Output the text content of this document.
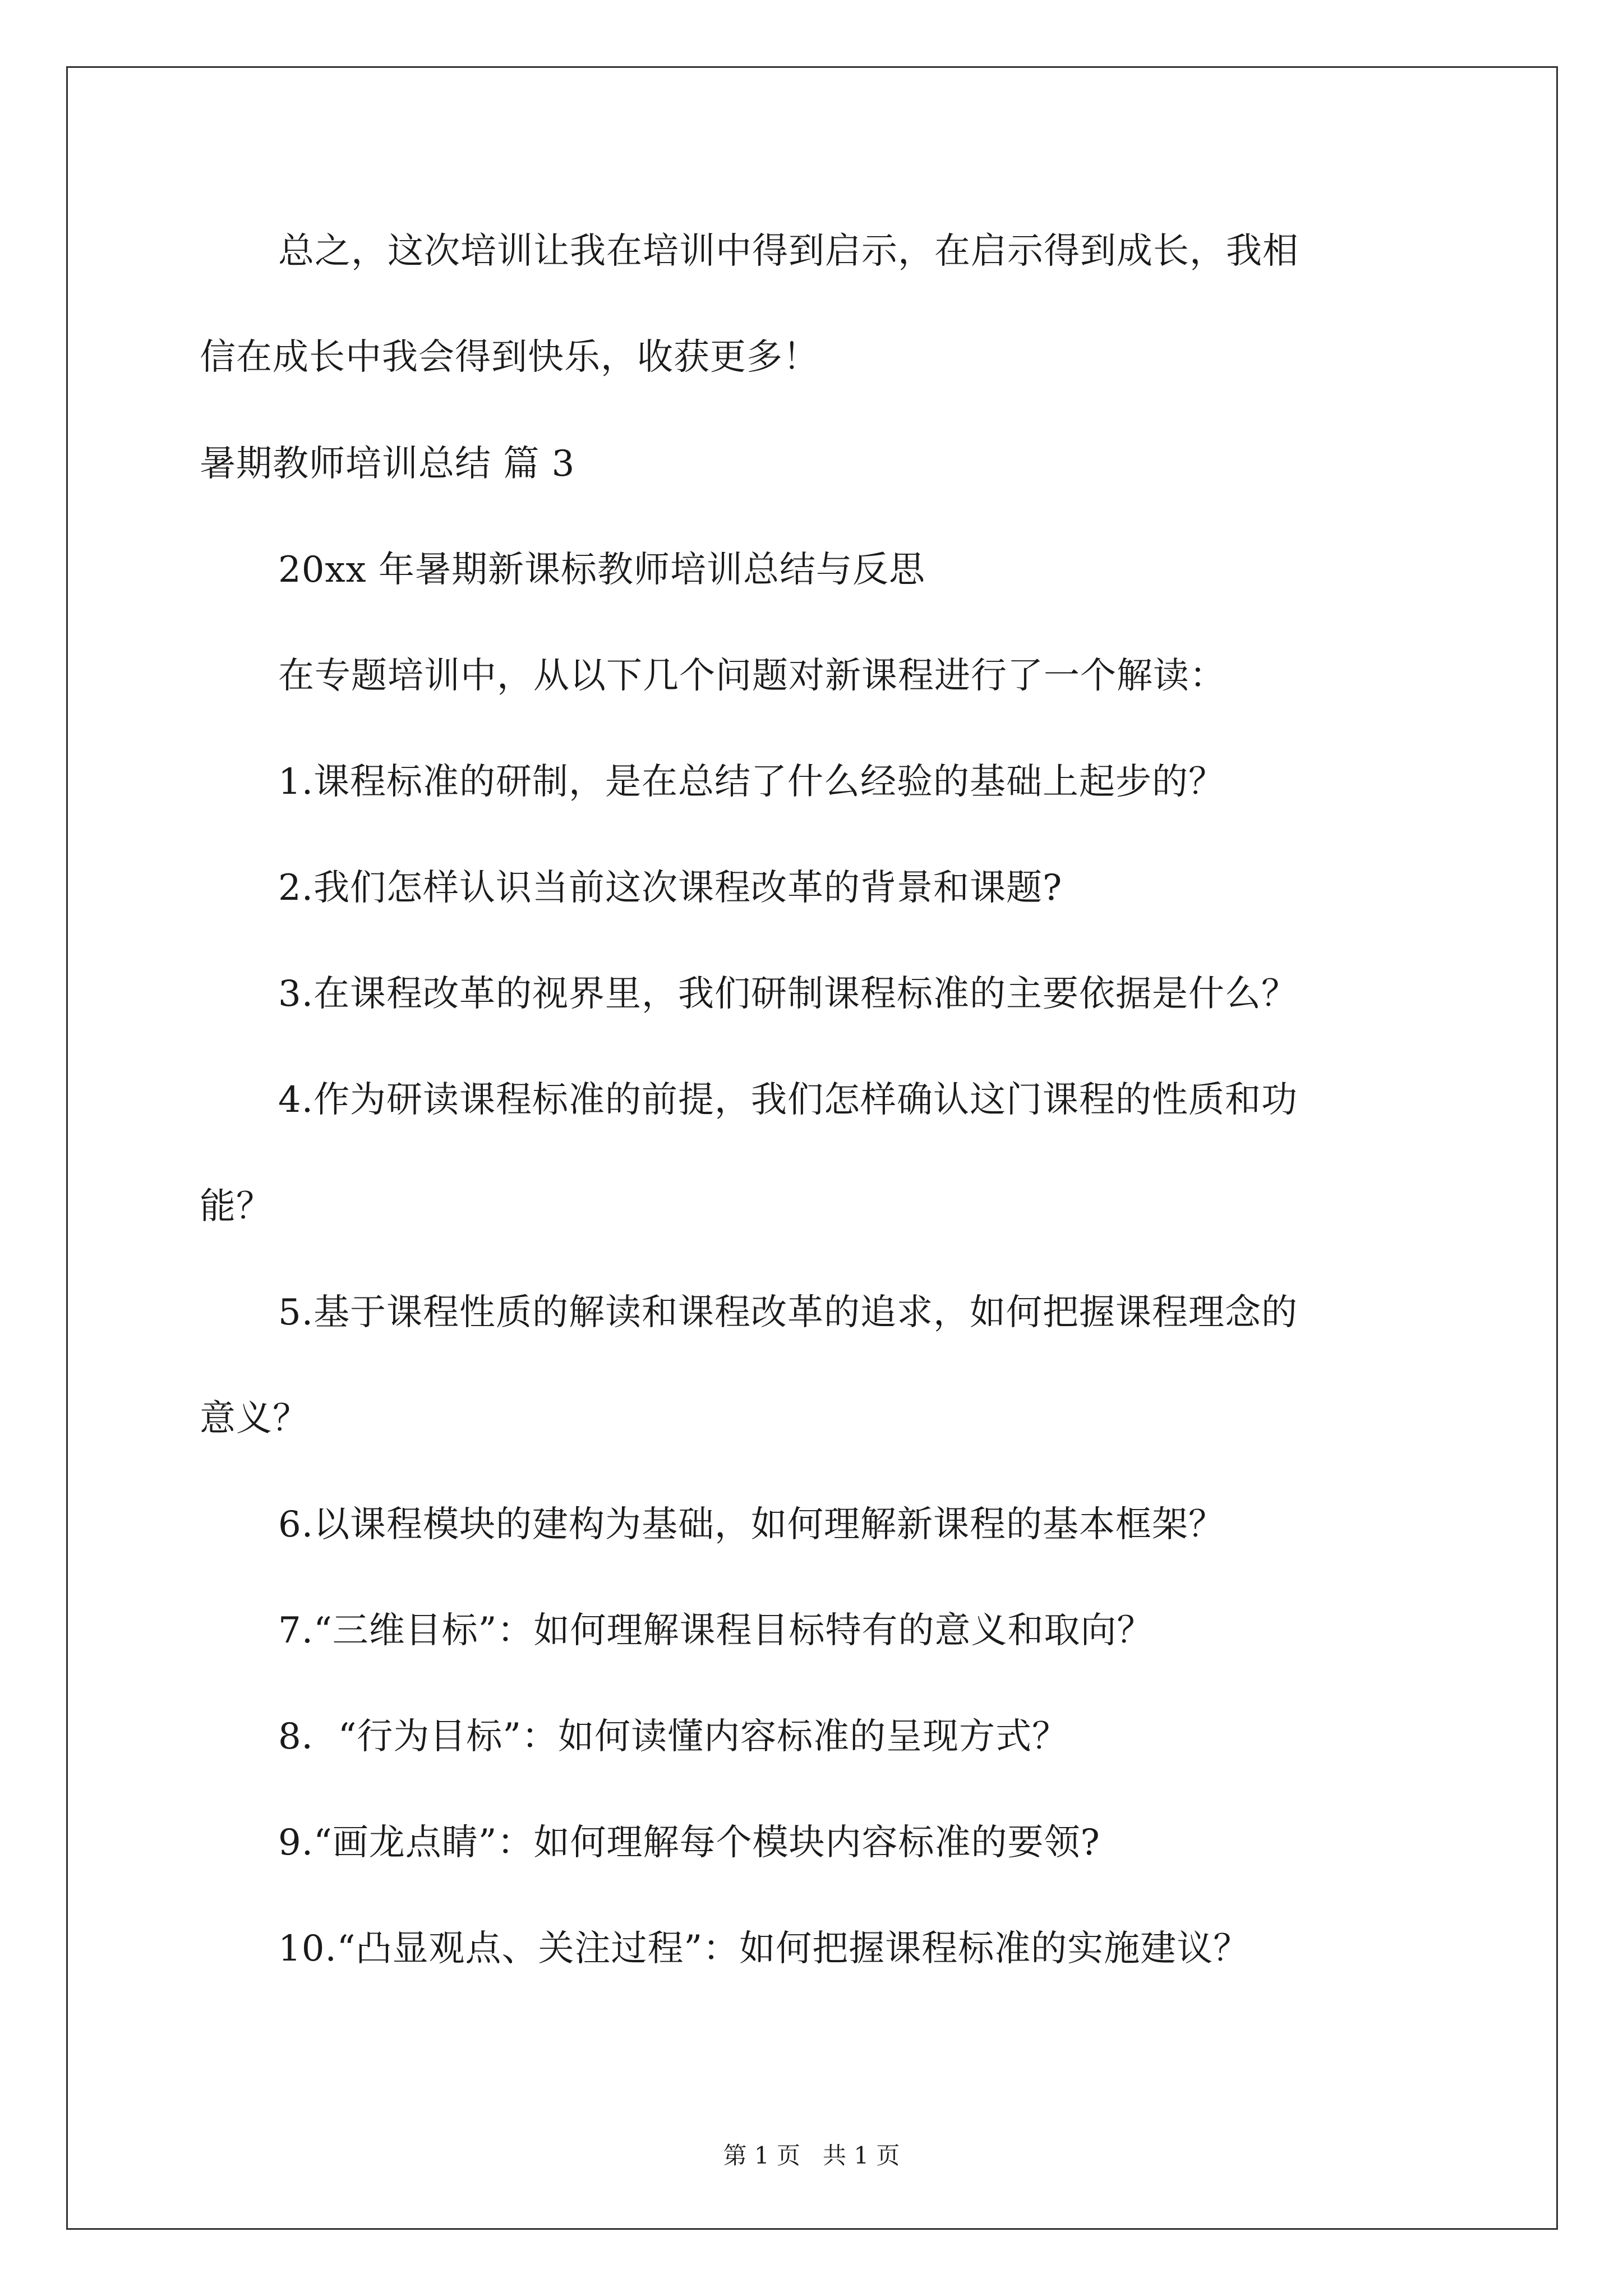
总之，这次培训让我在培训中得到启示，在启示得到成长，我相

信在成长中我会得到快乐，收获更多！

暑期教师培训总结 篇 3

20xx 年暑期新课标教师培训总结与反思

在专题培训中，从以下几个问题对新课程进行了一个解读：

1.课程标准的研制，是在总结了什么经验的基础上起步的？

2.我们怎样认识当前这次课程改革的背景和课题?

3.在课程改革的视界里，我们研制课程标准的主要依据是什么？

4.作为研读课程标准的前提，我们怎样确认这门课程的性质和功

能？

5.基于课程性质的解读和课程改革的追求，如何把握课程理念的

意义？

6.以课程模块的建构为基础，如何理解新课程的基本框架？

7.“三维目标”：如何理解课程目标特有的意义和取向？

8．“行为目标”：如何读懂内容标准的呈现方式？

9.“画龙点睛”：如何理解每个模块内容标准的要领?

10.“凸显观点、关注过程”：如何把握课程标准的实施建议？

第 1 页 共 1 页
